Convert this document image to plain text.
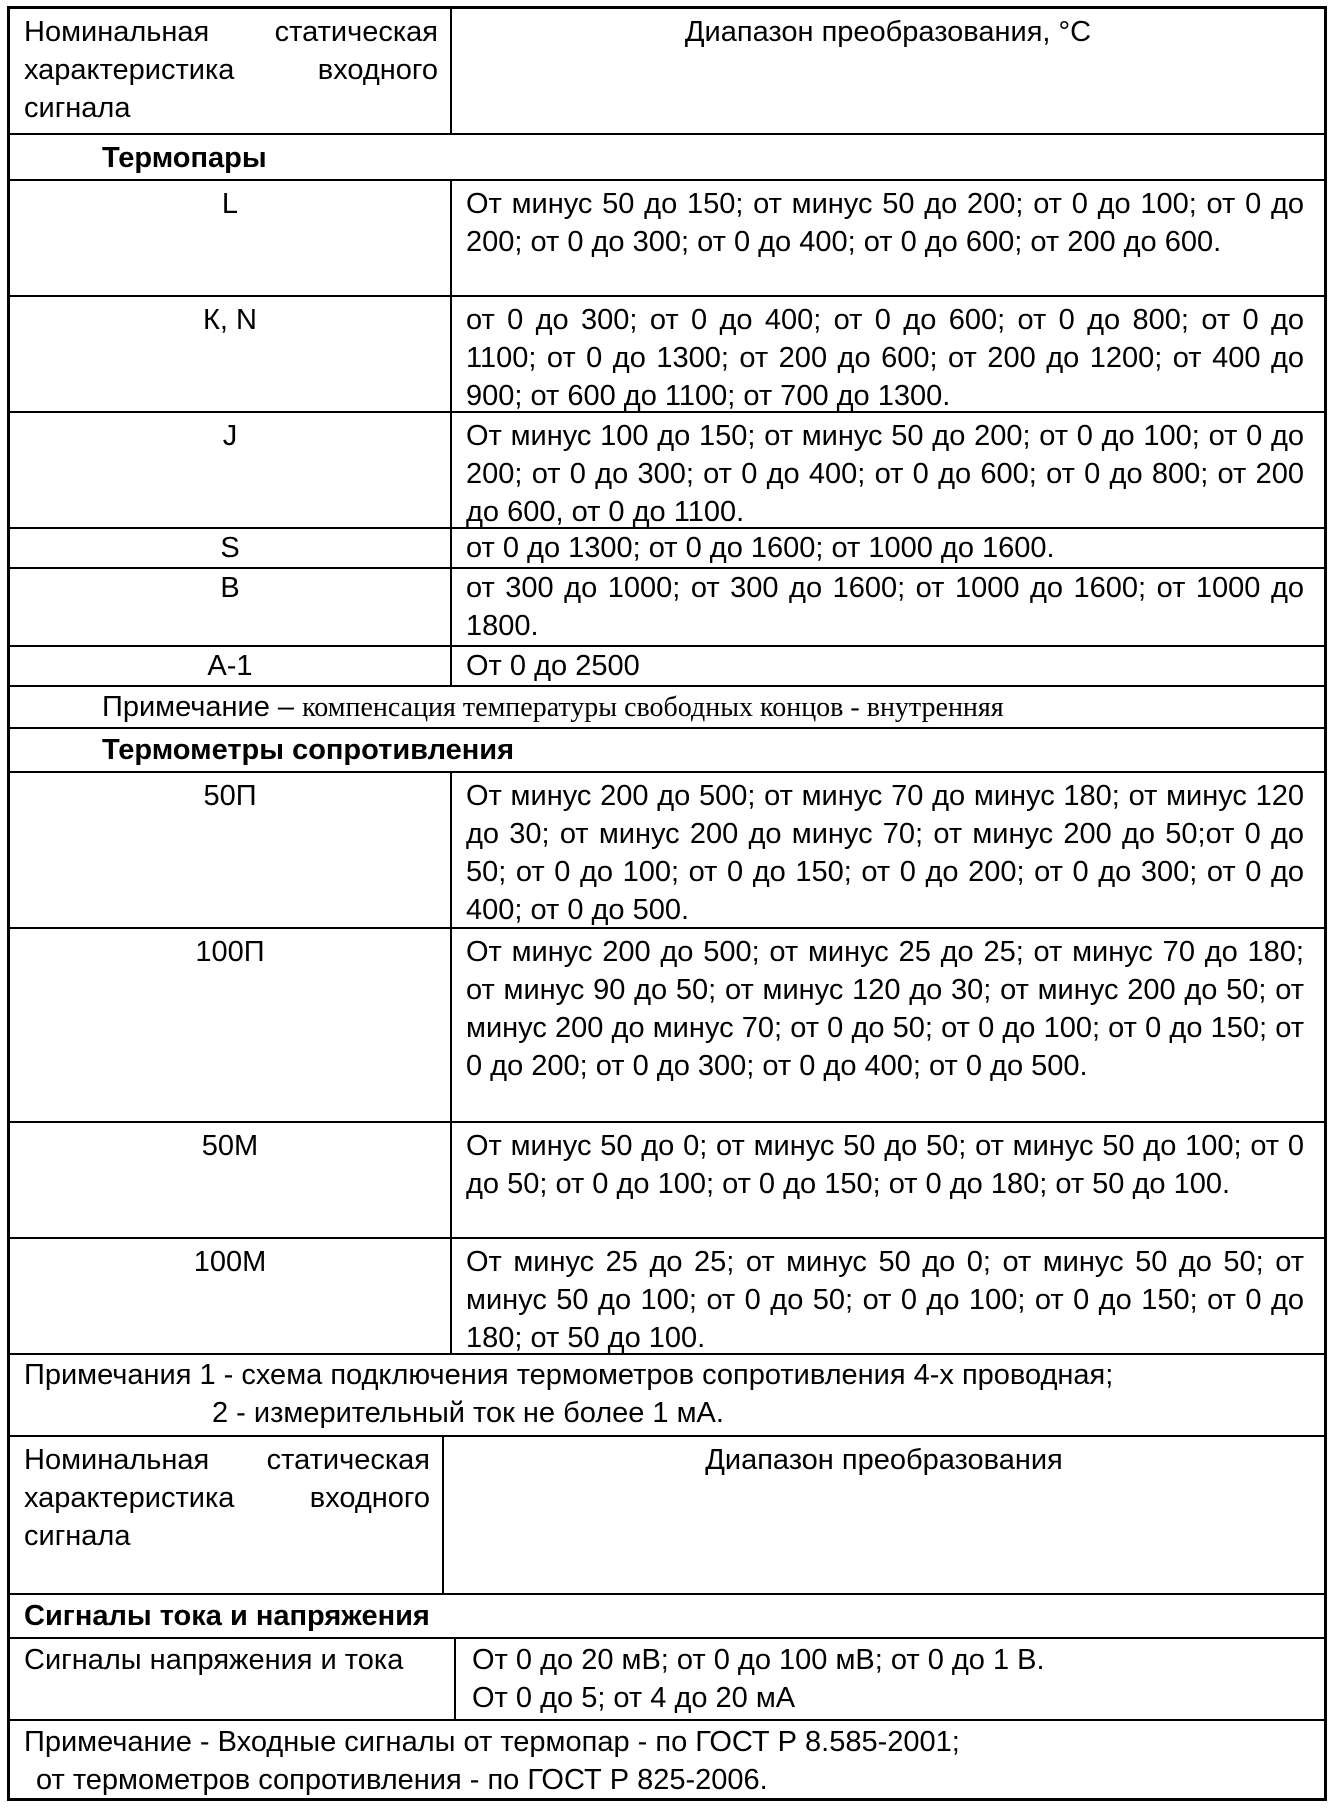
Номинальная статическая характеристика входного сигнала
Диапазон преобразования, °С
Термопары
L	От минус 50 до 150; от минус 50 до 200; от 0 до 100; от 0 до 200; от 0 до 300; от 0 до 400; от 0 до 600; от 200 до 600.
К, N	от 0 до 300; от 0 до 400; от 0 до 600; от 0 до 800; от 0 до 1100; от 0 до 1300; от 200 до 600; от 200 до 1200; от 400 до 900; от 600 до 1100; от 700 до 1300.
J	От минус 100 до 150; от минус 50 до 200; от 0 до 100; от 0 до 200; от 0 до 300; от 0 до 400; от 0 до 600; от 0 до 800; от 200 до 600, от 0 до 1100.
S	от 0 до 1300; от 0 до 1600; от 1000 до 1600.
B	от 300 до 1000; от 300 до 1600; от 1000 до 1600; от 1000 до 1800.
А-1	От 0 до 2500
Примечание – компенсация температуры свободных концов - внутренняя
Термометры сопротивления
50П	От минус 200 до 500; от минус 70 до минус 180; от минус 120 до 30; от минус 200 до минус 70; от минус 200 до 50;от 0 до 50; от 0 до 100; от 0 до 150; от 0 до 200; от 0 до 300; от 0 до 400; от 0 до 500.
100П	От минус 200 до 500; от минус 25 до 25; от минус 70 до 180; от минус 90 до 50; от минус 120 до 30; от минус 200 до 50; от минус 200 до минус 70; от 0 до 50; от 0 до 100; от 0 до 150; от 0 до 200; от 0 до 300; от 0 до 400; от 0 до 500.
50М	От минус 50 до 0; от минус 50 до 50; от минус 50 до 100; от 0 до 50; от 0 до 100; от 0 до 150; от 0 до 180; от 50 до 100.
100М	От минус 25 до 25; от минус 50 до 0; от минус 50 до 50; от минус 50 до 100; от 0 до 50; от 0 до 100; от 0 до 150; от 0 до 180; от 50 до 100.
Примечания 1 - схема подключения термометров сопротивления 4-х проводная;
2 - измерительный ток не более 1 мА.
Номинальная статическая характеристика входного сигнала
Диапазон преобразования
Сигналы тока и напряжения
Сигналы напряжения и тока	От 0 до 20 мВ; от 0 до 100 мВ; от 0 до 1 В.
От 0 до 5; от 4 до 20 мА
Примечание - Входные сигналы от термопар - по ГОСТ Р 8.585-2001;
от термометров сопротивления - по ГОСТ Р 825-2006.
